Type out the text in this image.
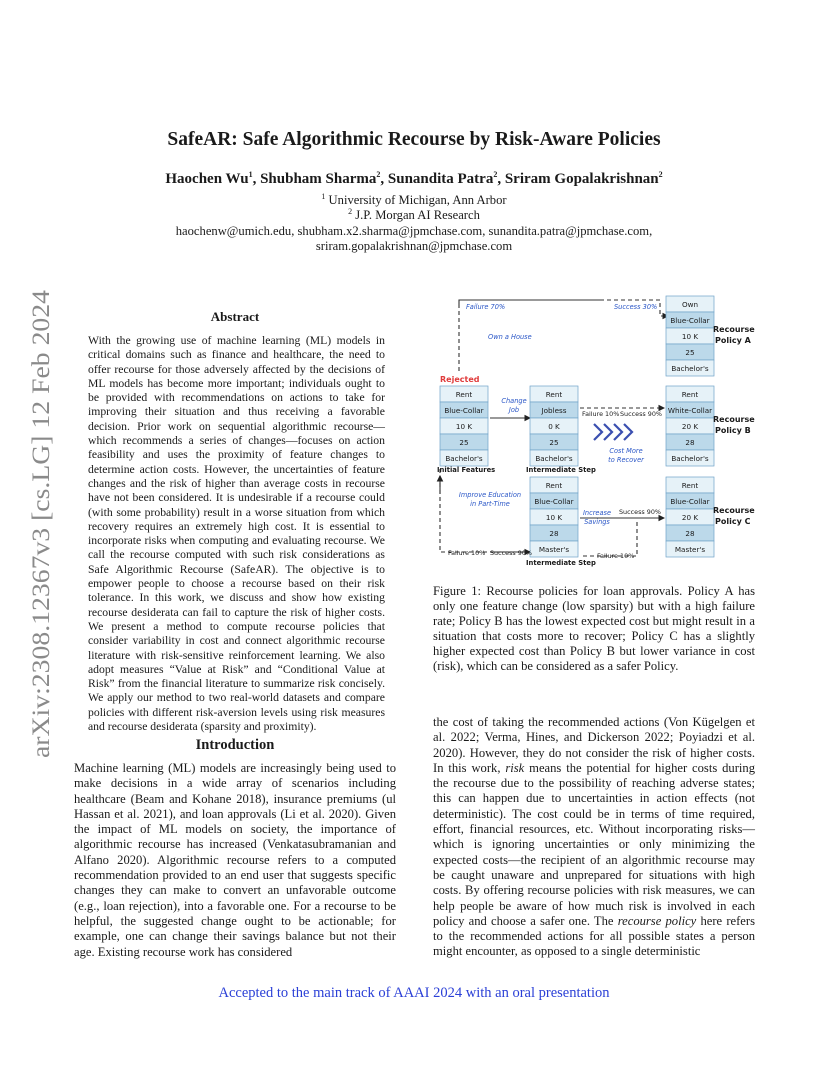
arXiv:2308.12367v3 [cs.LG] 12 Feb 2024
SafeAR: Safe Algorithmic Recourse by Risk-Aware Policies
Haochen Wu$^1$, Shubham Sharma$^2$, Sunandita Patra$^2$, Sriram Gopalakrishnan$^2$
$^1$ University of Michigan, Ann Arbor
$^2$ J.P. Morgan AI Research
haochenw@umich.edu, shubham.x2.sharma@jpmchase.com, sunandita.patra@jpmchase.com,
sriram.gopalakrishnan@jpmchase.com
Abstract
With the growing use of machine learning (ML) models in critical domains such as finance and healthcare, the need to offer recourse for those adversely affected by the decisions of ML models has become more important; individuals ought to be provided with recommendations on actions to take for improving their situation and thus receiving a favorable decision. Prior work on sequential algorithmic recourse—which recommends a series of changes—focuses on action feasibility and uses the proximity of feature changes to determine action costs. However, the uncertainties of feature changes and the risk of higher than average costs in recourse have not been considered. It is undesirable if a recourse could (with some probability) result in a worse situation from which recovery requires an extremely high cost. It is essential to incorporate risks when computing and evaluating recourse. We call the recourse computed with such risk considerations as Safe Algorithmic Recourse (SafeAR). The objective is to empower people to choose a recourse based on their risk tolerance. In this work, we discuss and show how existing recourse desiderata can fail to capture the risk of higher costs. We present a method to compute recourse policies that consider variability in cost and connect algorithmic recourse literature with risk-sensitive reinforcement learning. We also adopt measures “Value at Risk” and “Conditional Value at Risk” from the financial literature to summarize risk concisely. We apply our method to two real-world datasets and compare policies with different risk-aversion levels using risk measures and recourse desiderata (sparsity and proximity).
Introduction
Machine learning (ML) models are increasingly being used to make decisions in a wide array of scenarios including healthcare (Beam and Kohane 2018), insurance premiums (ul Hassan et al. 2021), and loan approvals (Li et al. 2020). Given the impact of ML models on society, the importance of algorithmic recourse has increased (Venkatasubramanian and Alfano 2020). Algorithmic recourse refers to a computed recommendation provided to an end user that suggests specific changes they can make to convert an unfavorable outcome (e.g., loan rejection), into a favorable one. For a recourse to be helpful, the suggested change ought to be actionable; for example, one can change their savings balance but not their age. Existing recourse work has considered
Rent
Blue-Collar
10 K
25
Bachelor's
Rent
Jobless
0 K
25
Bachelor's
Rent
Blue-Collar
10 K
28
Master's
Own
Blue-Collar
10 K
25
Bachelor's
Rent
White-Collar
20 K
28
Bachelor's
Rent
Blue-Collar
20 K
28
Master's
Failure 70%	Success 30%
Own a House
Change Job
Improve Education in Part-Time
Increase Savings
Cost More to Recover
Failure 10% Success 90%
Success 90%
Failure 10%
Failure 10% Success 90%
Initial Features	Intermediate Step
Intermediate Step
Rejected
Recourse Policy A
Recourse Policy B
Recourse Policy C
Figure 1: Recourse policies for loan approvals. Policy A has only one feature change (low sparsity) but with a high failure rate; Policy B has the lowest expected cost but might result in a situation that costs more to recover; Policy C has a slightly higher expected cost than Policy B but lower variance in cost (risk), which can be considered as a safer Policy.
the cost of taking the recommended actions (Von Kügelgen et al. 2022; Verma, Hines, and Dickerson 2022; Poyiadzi et al. 2020). However, they do not consider the risk of higher costs. In this work, risk means the potential for higher costs during the recourse due to the possibility of reaching adverse states; this can happen due to uncertainties in action effects (not deterministic). The cost could be in terms of time required, effort, financial resources, etc. Without incorporating risks—which is ignoring uncertainties or only minimizing the expected costs—the recipient of an algorithmic recourse may be caught unaware and unprepared for situations with high costs. By offering recourse policies with risk measures, we can help people be aware of how much risk is involved in each policy and choose a safer one. The recourse policy here refers to the recommended actions for all possible states a person might encounter, as opposed to a single deterministic
Accepted to the main track of AAAI 2024 with an oral presentation
